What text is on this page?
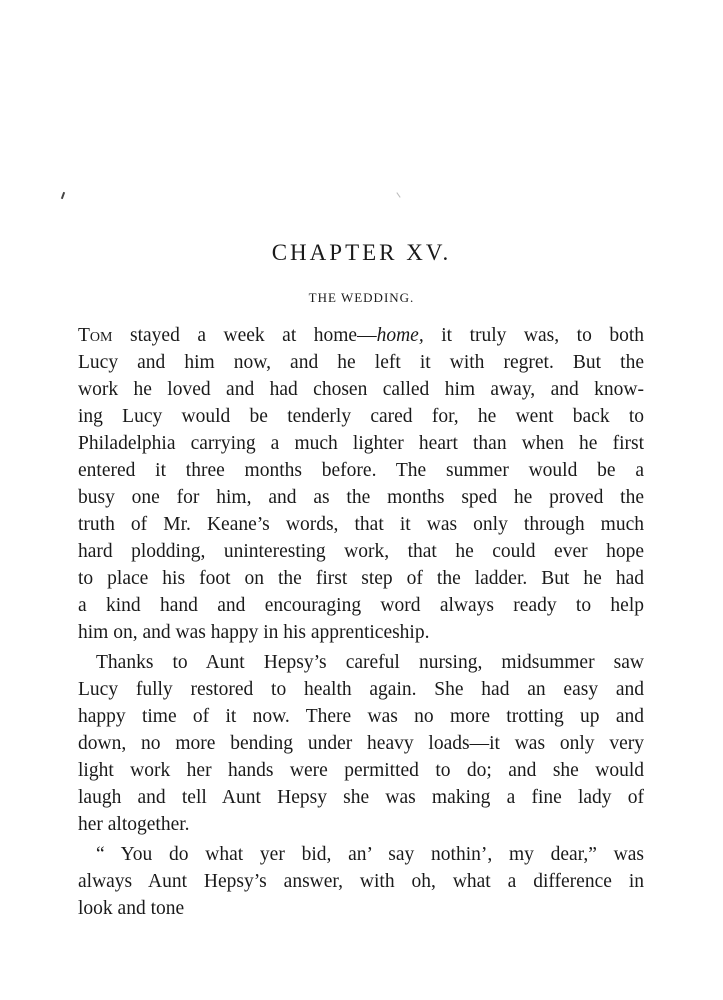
CHAPTER XV.
THE WEDDING.
Tom stayed a week at home—home, it truly was, to both
Lucy and him now, and he left it with regret. But the
work he loved and had chosen called him away, and know-
ing Lucy would be tenderly cared for, he went back to
Philadelphia carrying a much lighter heart than when he first
entered it three months before. The summer would be a
busy one for him, and as the months sped he proved the
truth of Mr. Keane’s words, that it was only through much
hard plodding, uninteresting work, that he could ever hope
to place his foot on the first step of the ladder. But he had
a kind hand and encouraging word always ready to help
him on, and was happy in his apprenticeship.
Thanks to Aunt Hepsy’s careful nursing, midsummer saw
Lucy fully restored to health again. She had an easy and
happy time of it now. There was no more trotting up and
down, no more bending under heavy loads—it was only very
light work her hands were permitted to do; and she would
laugh and tell Aunt Hepsy she was making a fine lady of
her altogether.
“ You do what yer bid, an’ say nothin’, my dear,” was
always Aunt Hepsy’s answer, with oh, what a difference in
look and tone
